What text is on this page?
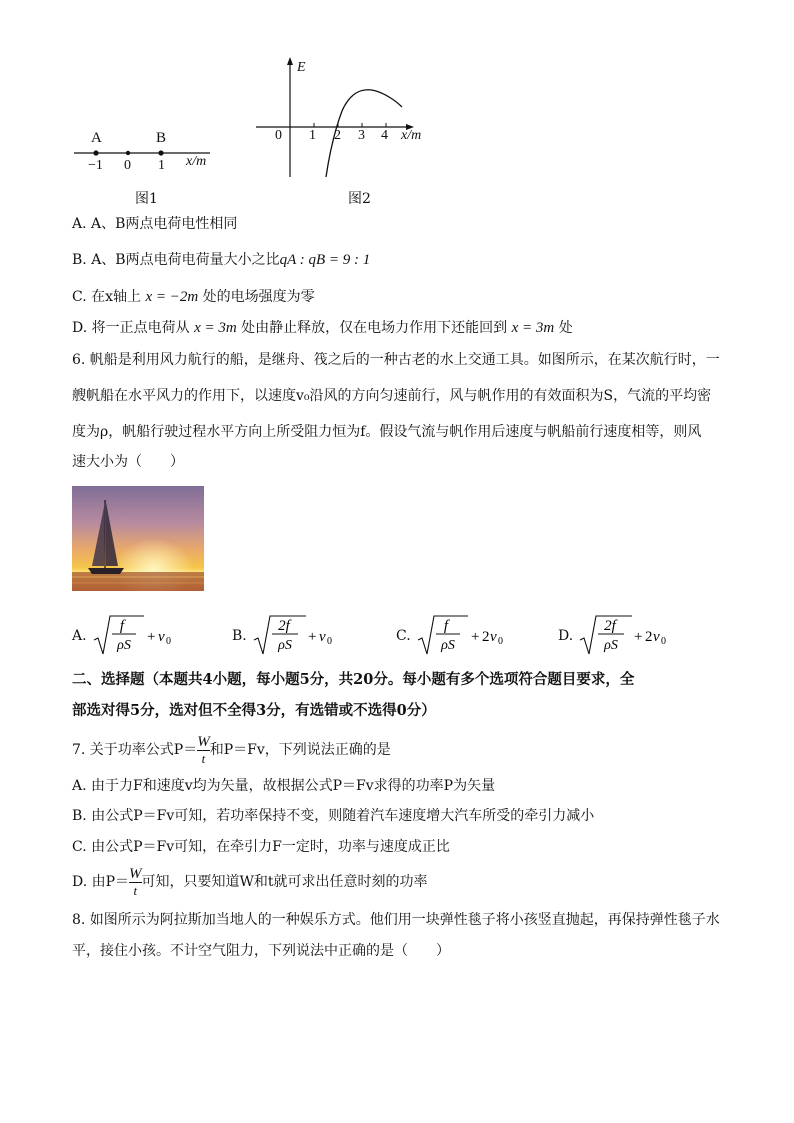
A	B
−1 0 1 x/m
图1
E
0 1 2 3 4 x/m
图2
A. A、B两点电荷电性相同
B. A、B两点电荷电荷量大小之比qA : qB = 9 : 1
C. 在x轴上 x = −2m 处的电场强度为零
D. 将一正点电荷从 x = 3m 处由静止释放，仅在电场力作用下还能回到 x = 3m 处
6. 帆船是利用风力航行的船，是继舟、筏之后的一种古老的水上交通工具。如图所示，在某次航行时，一
艘帆船在水平风力的作用下，以速度v₀沿风的方向匀速前行，风与帆作用的有效面积为S，气流的平均密
度为ρ，帆船行驶过程水平方向上所受阻力恒为f。假设气流与帆作用后速度与帆船前行速度相等，则风
速大小为（　　）
A.
f
ρS
+ v 0	B.
2f
ρS
+ v 0	C.
f
ρS
+ 2 v 0	D.
2f
ρS
+ 2 v 0
二、选择题（本题共4小题，每小题5分，共20分。每小题有多个选项符合题目要求，全
部选对得5分，选对但不全得3分，有选错或不选得0分）
7. 关于功率公式$P= \frac{W}{t}$ 和P＝Fv，下列说法正确的是
A. 由于力F和速度v均为矢量，故根据公式P＝Fv求得的功率P为矢量
B. 由公式P＝Fv可知，若功率保持不变，则随着汽车速度增大汽车所受的牵引力减小
C. 由公式P＝Fv可知，在牵引力F一定时，功率与速度成正比
D. 由$P= \frac{W}{t}$ 可知，只要知道W和t就可求出任意时刻的功率
8. 如图所示为阿拉斯加当地人的一种娱乐方式。他们用一块弹性毯子将小孩竖直抛起，再保持弹性毯子水
平，接住小孩。不计空气阻力，下列说法中正确的是（　　）
